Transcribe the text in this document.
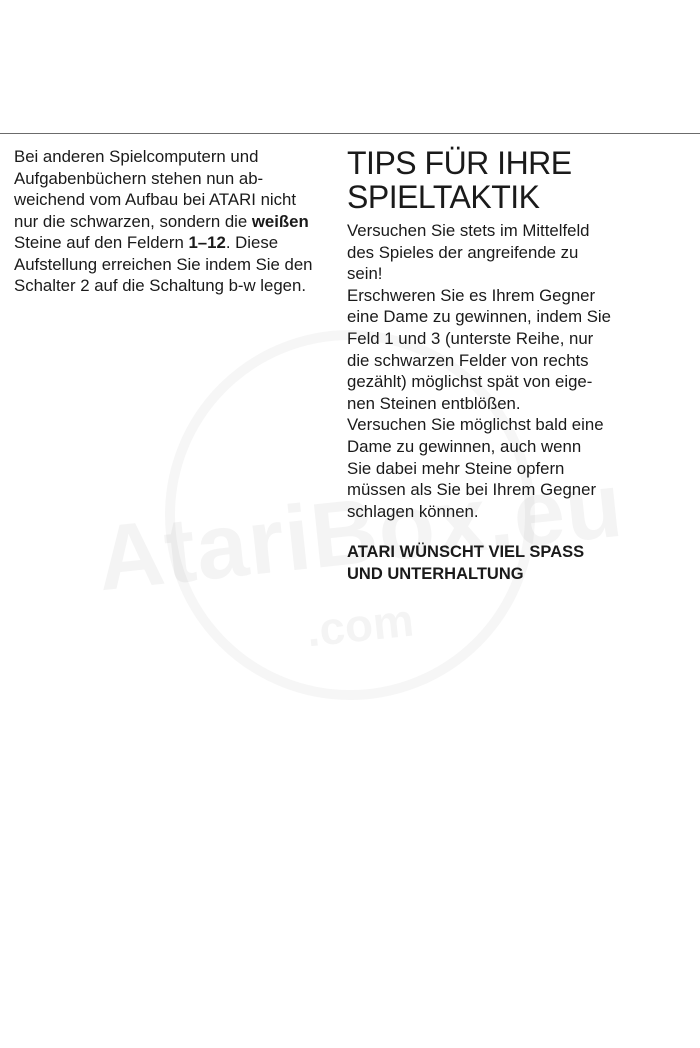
Bei anderen Spielcomputern und Aufgabenbüchern stehen nun abweichend vom Aufbau bei ATARI nicht nur die schwarzen, sondern die weißen Steine auf den Feldern 1–12. Diese Aufstellung erreichen Sie indem Sie den Schalter 2 auf die Schaltung b-w legen.

TIPS FÜR IHRE
SPIELTAKTIK

Versuchen Sie stets im Mittelfeld
des Spieles der angreifende zu
sein!
Erschweren Sie es Ihrem Gegner
eine Dame zu gewinnen, indem Sie
Feld 1 und 3 (unterste Reihe, nur
die schwarzen Felder von rechts
gezählt) möglichst spät von eige-
nen Steinen entblößen.
Versuchen Sie möglichst bald eine
Dame zu gewinnen, auch wenn
Sie dabei mehr Steine opfern
müssen als Sie bei Ihrem Gegner
schlagen können.

ATARI WÜNSCHT VIEL SPASS
UND UNTERHALTUNG
